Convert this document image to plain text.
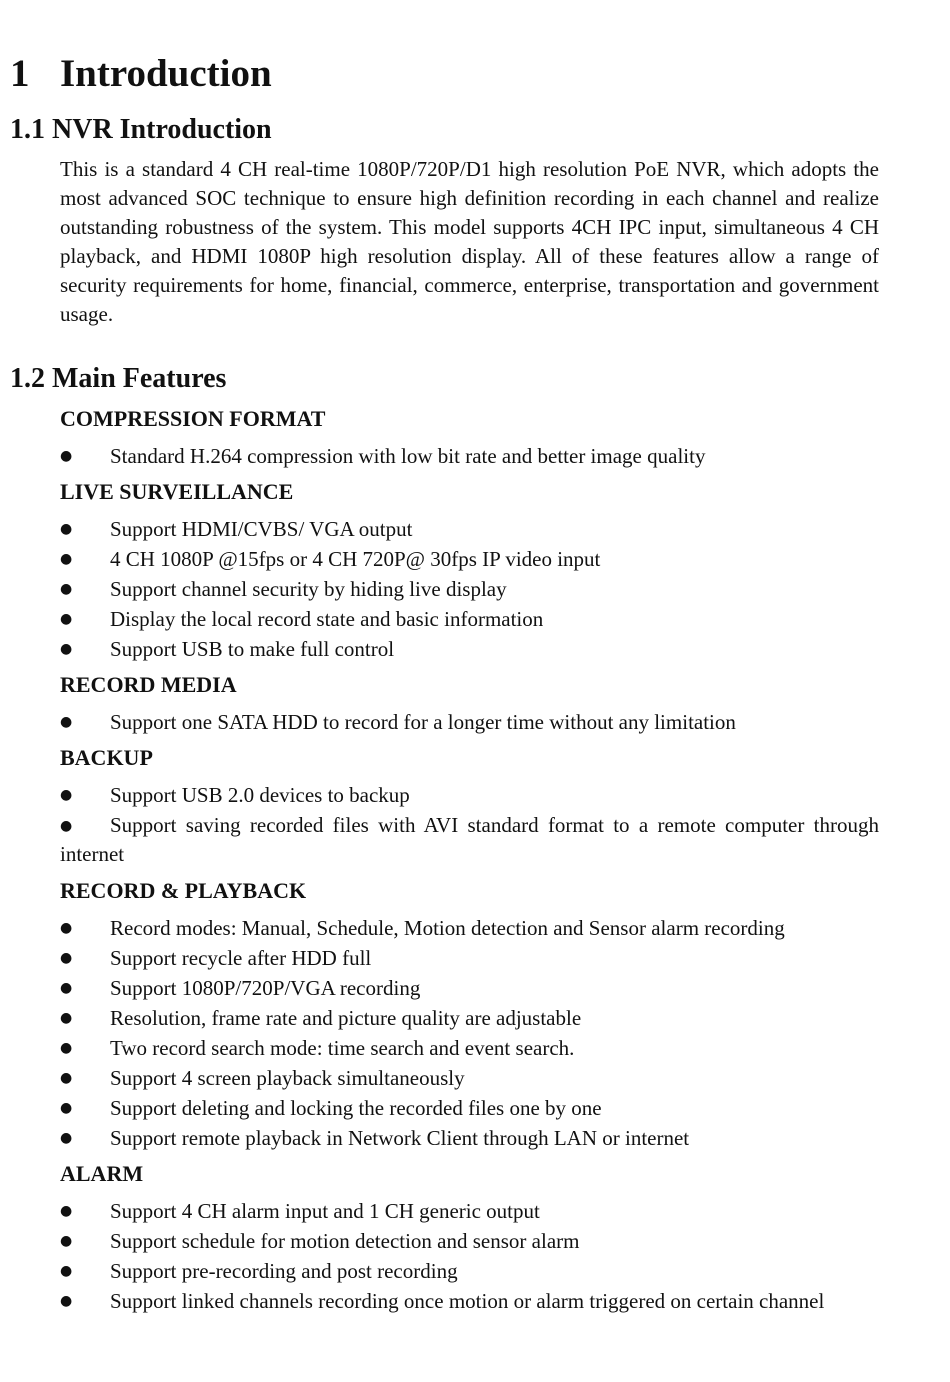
1 Introduction
1.1 NVR Introduction

This is a standard 4 CH real-time 1080P/720P/D1 high resolution PoE NVR, which adopts the most advanced SOC technique to ensure high definition recording in each channel and realize outstanding robustness of the system. This model supports 4CH IPC input, simultaneous 4 CH playback, and HDMI 1080P high resolution display. All of these features allow a range of security requirements for home, financial, commerce, enterprise, transportation and government usage.

1.2 Main Features
COMPRESSION FORMAT
●	Standard H.264 compression with low bit rate and better image quality
LIVE SURVEILLANCE
●	Support HDMI/CVBS/ VGA output
●	4 CH 1080P @15fps or 4 CH 720P@ 30fps IP video input
●	Support channel security by hiding live display
●	Display the local record state and basic information
●	Support USB to make full control
RECORD MEDIA
●	Support one SATA HDD to record for a longer time without any limitation
BACKUP
●	Support USB 2.0 devices to backup
●	Support saving recorded files with AVI standard format to a remote computer through internet
RECORD & PLAYBACK
●	Record modes: Manual, Schedule, Motion detection and Sensor alarm recording
●	Support recycle after HDD full
●	Support 1080P/720P/VGA recording
●	Resolution, frame rate and picture quality are adjustable
●	Two record search mode: time search and event search.
●	Support 4 screen playback simultaneously
●	Support deleting and locking the recorded files one by one
●	Support remote playback in Network Client through LAN or internet
ALARM
●	Support 4 CH alarm input and 1 CH generic output
●	Support schedule for motion detection and sensor alarm
●	Support pre-recording and post recording
●	Support linked channels recording once motion or alarm triggered on certain channel
